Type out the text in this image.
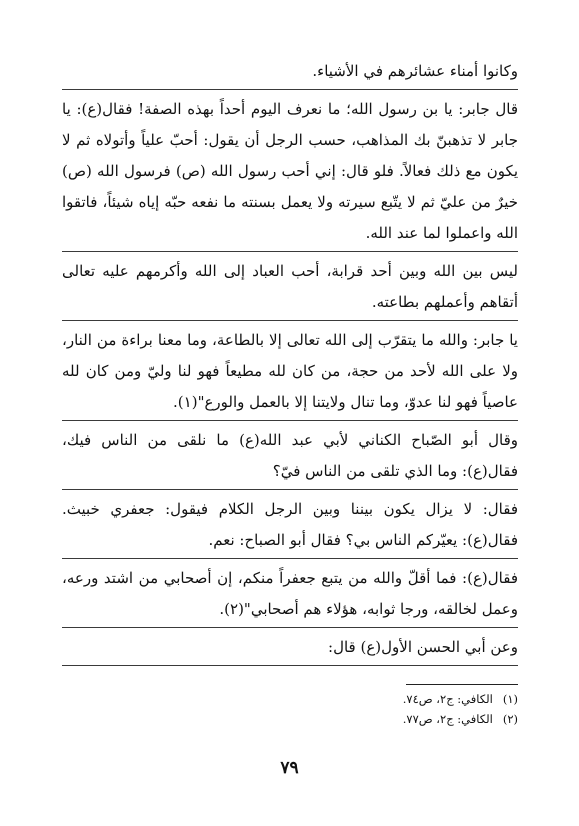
وكانوا أمناء عشائرهم في الأشياء.

قال جابر: يا بن رسول الله؛ ما نعرف اليوم أحداً بهذه الصفة! فقال(ع): يا جابر لا تذهبنّ بك المذاهب، حسب الرجل أن يقول: أحبّ علياً وأتولاه ثم لا يكون مع ذلك فعالاً. فلو قال: إني أحب رسول الله (ص) فرسول الله (ص) خيرٌ من عليّ ثم لا يتّبع سيرته ولا يعمل بسنته ما نفعه حبّه إياه شيئاً، فاتقوا الله واعملوا لما عند الله.

ليس بين الله وبين أحد قرابة، أحب العباد إلى الله وأكرمهم عليه تعالى أتقاهم وأعملهم بطاعته.

يا جابر: والله ما يتقرّب إلى الله تعالى إلا بالطاعة، وما معنا براءة من النار، ولا على الله لأحد من حجة، من كان لله مطيعاً فهو لنا وليّ ومن كان لله عاصياً فهو لنا عدوّ، وما تنال ولايتنا إلا بالعمل والورع"(١).

وقال أبو الصّباح الكناني لأبي عبد الله(ع) ما نلقى من الناس فيك، فقال(ع): وما الذي تلقى من الناس فيّ؟

فقال: لا يزال يكون بيننا وبين الرجل الكلام فيقول: جعفري خبيث. فقال(ع): يعيّركم الناس بي؟ فقال أبو الصباح: نعم.

فقال(ع): فما أقلّ والله من يتبع جعفراً منكم، إن أصحابي من اشتد ورعه، وعمل لخالقه، ورجا ثوابه، هؤلاء هم أصحابي"(٢).

وعن أبي الحسن الأول(ع) قال:

(١)الكافي: ج٢، ص٧٤.

(٢)الكافي: ج٢، ص٧٧.

٧٩
